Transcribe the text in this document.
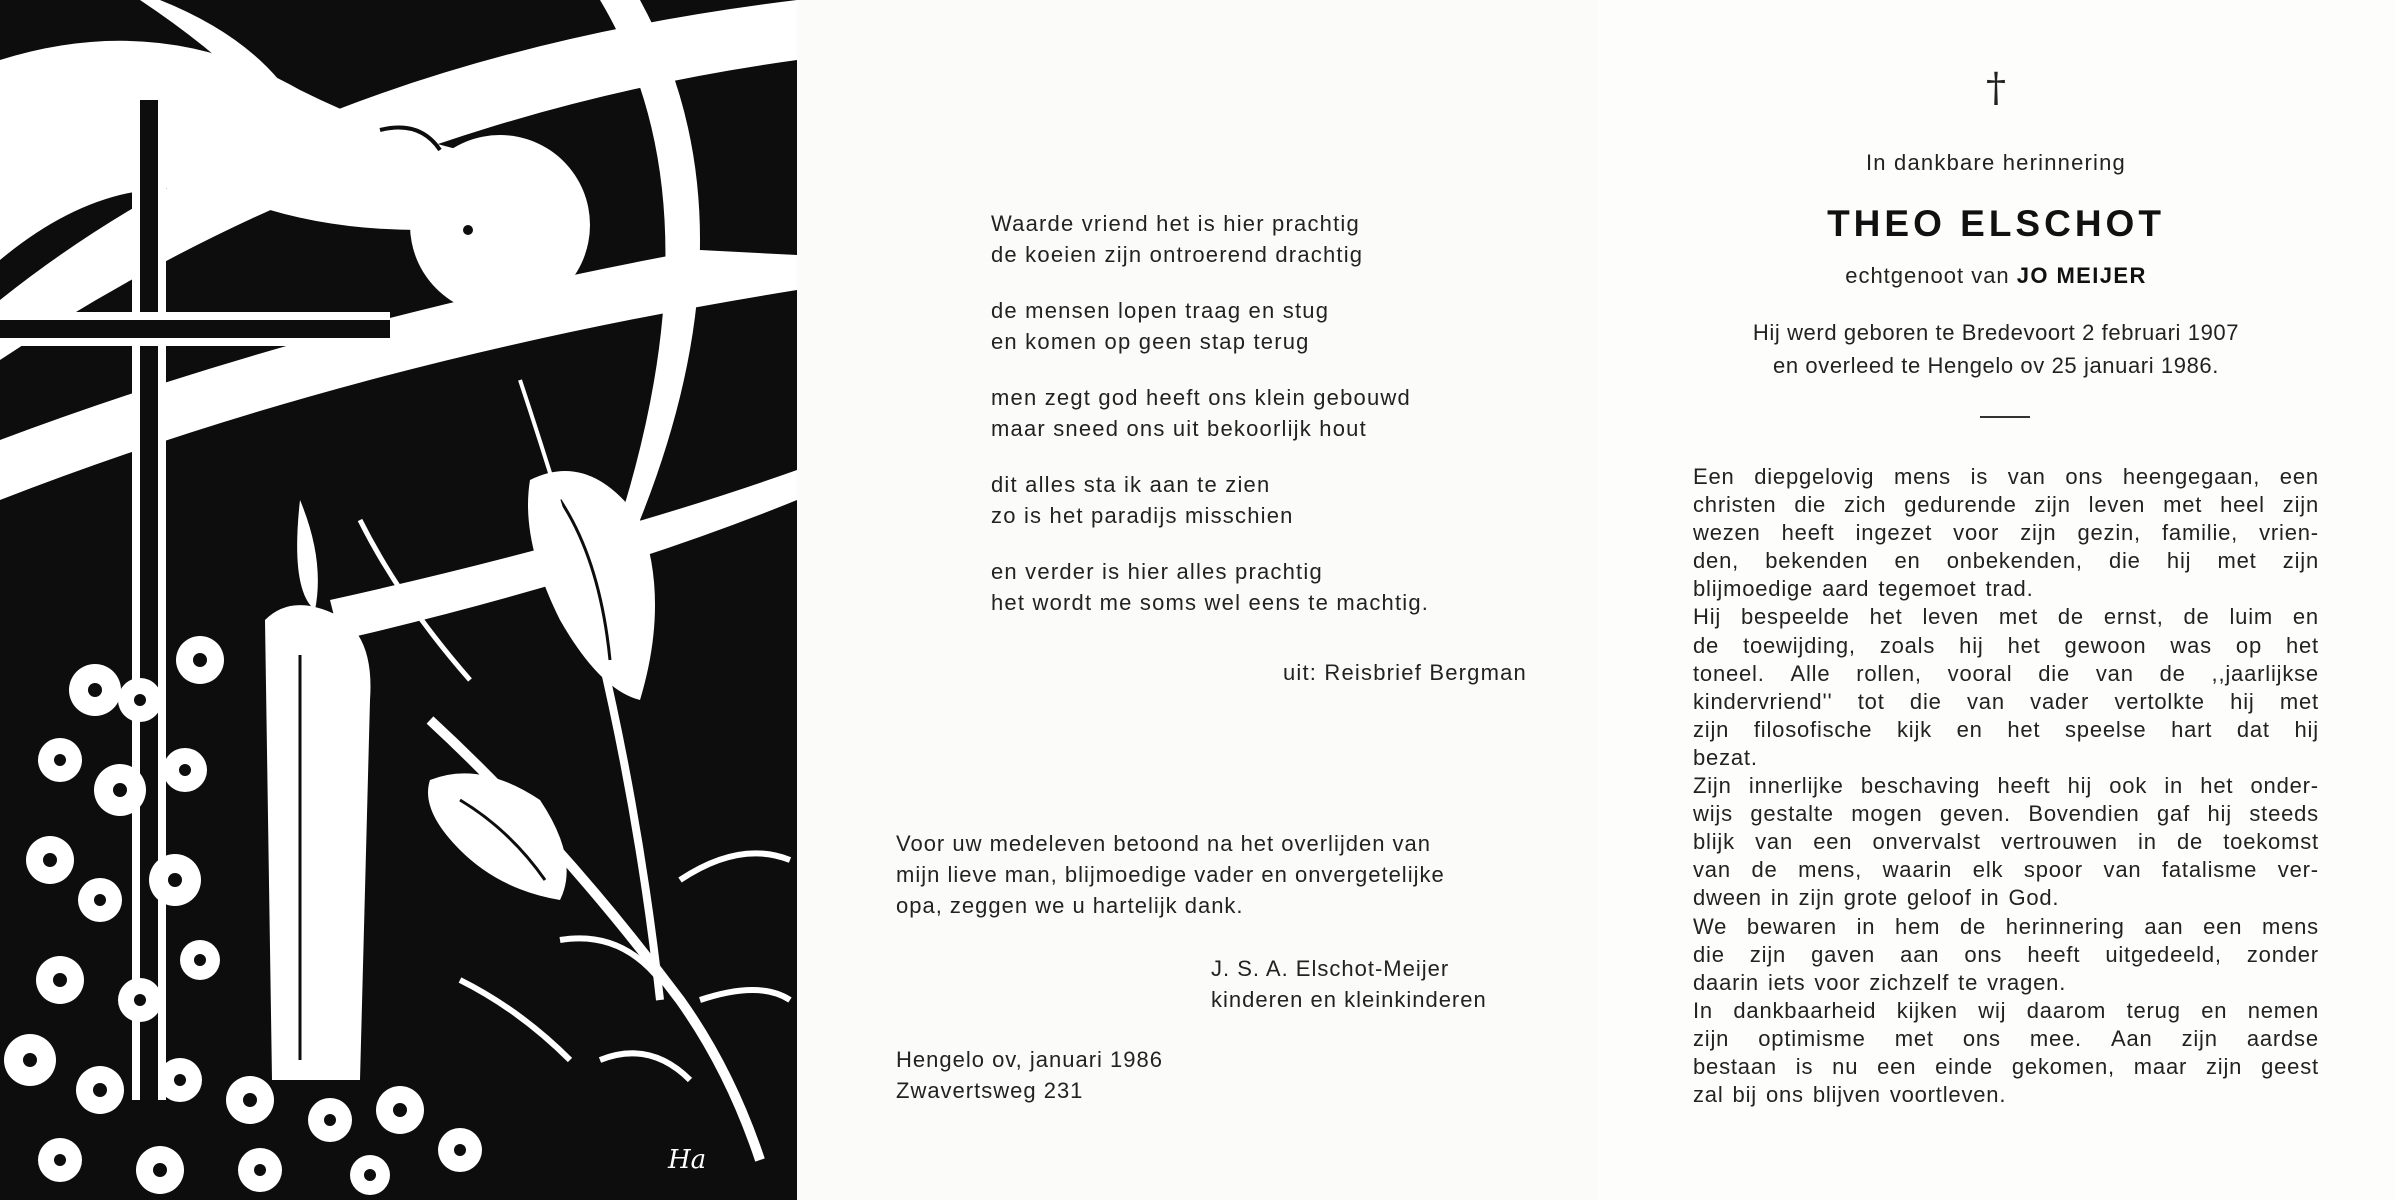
Ha
Waarde vriend het is hier prachtig
de koeien zijn ontroerend drachtig
de mensen lopen traag en stug
en komen op geen stap terug
men zegt god heeft ons klein gebouwd
maar sneed ons uit bekoorlijk hout
dit alles sta ik aan te zien
zo is het paradijs misschien
en verder is hier alles prachtig
het wordt me soms wel eens te machtig.
uit: Reisbrief Bergman
Voor uw medeleven betoond na het overlijden van
mijn lieve man, blijmoedige vader en onvergetelijke
opa, zeggen we u hartelijk dank.
J. S. A. Elschot-Meijer
kinderen en kleinkinderen
Hengelo ov, januari 1986
Zwavertsweg 231
†
In dankbare herinnering
THEO ELSCHOT
echtgenoot van JO MEIJER
Hij werd geboren te Bredevoort 2 februari 1907
en overleed te Hengelo ov 25 januari 1986.
Een diepgelovig mens is van ons heengegaan, een
christen die zich gedurende zijn leven met heel zijn
wezen heeft ingezet voor zijn gezin, familie, vrien-
den, bekenden en onbekenden, die hij met zijn
blijmoedige aard tegemoet trad.
Hij bespeelde het leven met de ernst, de luim en
de toewijding, zoals hij het gewoon was op het
toneel. Alle rollen, vooral die van de ,,jaarlijkse
kindervriend'' tot die van vader vertolkte hij met
zijn filosofische kijk en het speelse hart dat hij
bezat.
Zijn innerlijke beschaving heeft hij ook in het onder-
wijs gestalte mogen geven. Bovendien gaf hij steeds
blijk van een onvervalst vertrouwen in de toekomst
van de mens, waarin elk spoor van fatalisme ver-
dween in zijn grote geloof in God.
We bewaren in hem de herinnering aan een mens
die zijn gaven aan ons heeft uitgedeeld, zonder
daarin iets voor zichzelf te vragen.
In dankbaarheid kijken wij daarom terug en nemen
zijn optimisme met ons mee. Aan zijn aardse
bestaan is nu een einde gekomen, maar zijn geest
zal bij ons blijven voortleven.
